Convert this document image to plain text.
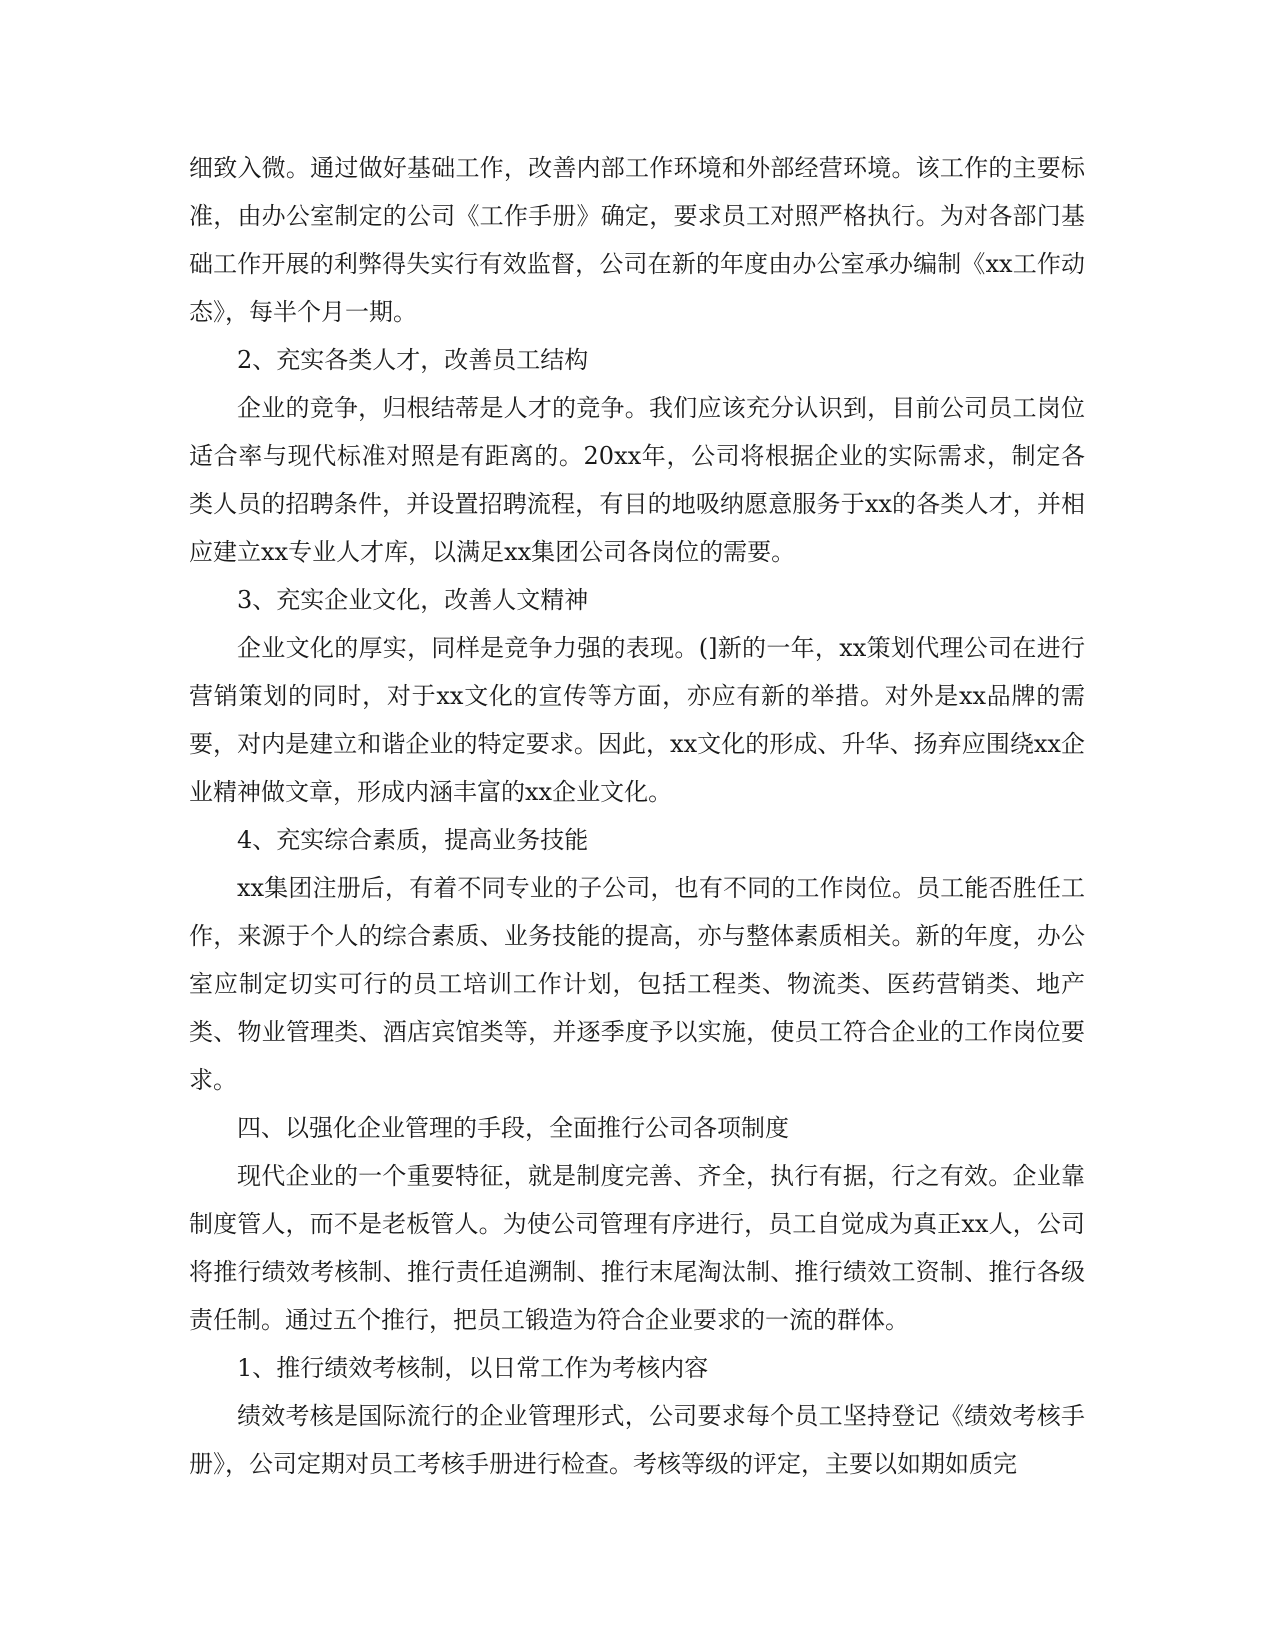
细致入微。通过做好基础工作，改善内部工作环境和外部经营环境。该工作的主要标准，由办公室制定的公司《工作手册》确定，要求员工对照严格执行。为对各部门基础工作开展的利弊得失实行有效监督，公司在新的年度由办公室承办编制《xx工作动态》，每半个月一期。

2、充实各类人才，改善员工结构

企业的竞争，归根结蒂是人才的竞争。我们应该充分认识到，目前公司员工岗位适合率与现代标准对照是有距离的。20xx年，公司将根据企业的实际需求，制定各类人员的招聘条件，并设置招聘流程，有目的地吸纳愿意服务于xx的各类人才，并相应建立xx专业人才库，以满足xx集团公司各岗位的需要。

3、充实企业文化，改善人文精神

企业文化的厚实，同样是竞争力强的表现。(]新的一年，xx策划代理公司在进行营销策划的同时，对于xx文化的宣传等方面，亦应有新的举措。对外是xx品牌的需要，对内是建立和谐企业的特定要求。因此，xx文化的形成、升华、扬弃应围绕xx企业精神做文章，形成内涵丰富的xx企业文化。

4、充实综合素质，提高业务技能

xx集团注册后，有着不同专业的子公司，也有不同的工作岗位。员工能否胜任工作，来源于个人的综合素质、业务技能的提高，亦与整体素质相关。新的年度，办公室应制定切实可行的员工培训工作计划，包括工程类、物流类、医药营销类、地产类、物业管理类、酒店宾馆类等，并逐季度予以实施，使员工符合企业的工作岗位要求。

四、以强化企业管理的手段，全面推行公司各项制度

现代企业的一个重要特征，就是制度完善、齐全，执行有据，行之有效。企业靠制度管人，而不是老板管人。为使公司管理有序进行，员工自觉成为真正xx人，公司将推行绩效考核制、推行责任追溯制、推行末尾淘汰制、推行绩效工资制、推行各级责任制。通过五个推行，把员工锻造为符合企业要求的一流的群体。

1、推行绩效考核制，以日常工作为考核内容

绩效考核是国际流行的企业管理形式，公司要求每个员工坚持登记《绩效考核手册》，公司定期对员工考核手册进行检查。考核等级的评定，主要以如期如质完
